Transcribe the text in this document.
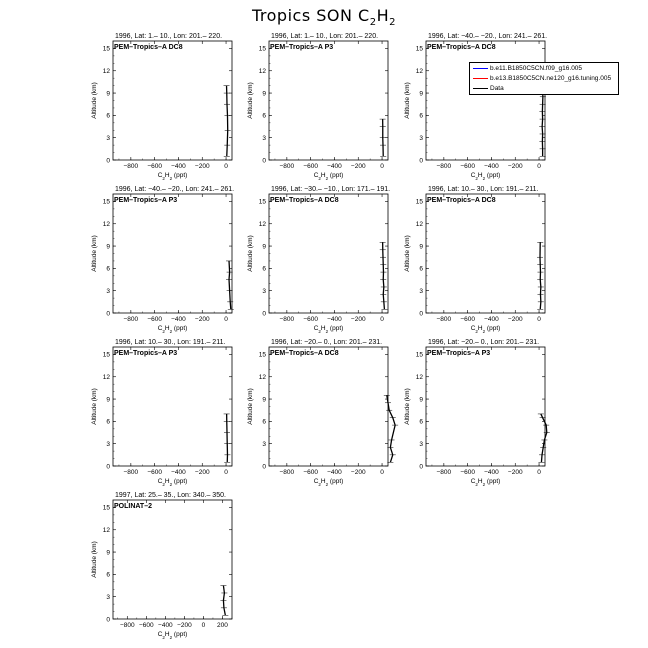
Tropics SON $C_2H_2$
1996, Lat: 1.– 10., Lon: 201.– 220.
PEM–Tropics–A DC8
−800 −600 −400 −200 0
0
3
6
9
12
15
$C_2H_2$ (ppt)
Altitude (km)
1996, Lat: 1.– 10., Lon: 201.– 220.
PEM–Tropics–A P3
−800 −600 −400 −200 0
0
3
6
9
12
15
$C_2H_2$ (ppt)
Altitude (km)
1996, Lat: −40.– −20., Lon: 241.– 261.
PEM–Tropics–A DC8
−800 −600 −400 −200 0
0
3
6
9
12
15
$C_2H_2$ (ppt)
Altitude (km)
1996, Lat: −40.– −20., Lon: 241.– 261.
PEM–Tropics–A P3
−800 −600 −400 −200 0
0
3
6
9
12
15
$C_2H_2$ (ppt)
Altitude (km)
1996, Lat: −30.– −10., Lon: 171.– 191.
PEM–Tropics–A DC8
−800 −600 −400 −200 0
0
3
6
9
12
15
$C_2H_2$ (ppt)
Altitude (km)
1996, Lat: 10.– 30., Lon: 191.– 211.
PEM–Tropics–A DC8
−800 −600 −400 −200 0
0
3
6
9
12
15
$C_2H_2$ (ppt)
Altitude (km)
1996, Lat: 10.– 30., Lon: 191.– 211.
PEM–Tropics–A P3
−800 −600 −400 −200 0
0
3
6
9
12
15
$C_2H_2$ (ppt)
Altitude (km)
1996, Lat: −20.– 0., Lon: 201.– 231.
PEM–Tropics–A DC8
−800 −600 −400 −200 0
0
3
6
9
12
15
$C_2H_2$ (ppt)
Altitude (km)
1996, Lat: −20.– 0., Lon: 201.– 231.
PEM–Tropics–A P3
−800 −600 −400 −200 0
0
3
6
9
12
15
$C_2H_2$ (ppt)
Altitude (km)
1997, Lat: 25.– 35., Lon: 340.– 350.
POLINAT–2
−800 −600 −400 −200 0 200
0
3
6
9
12
15
$C_2H_2$ (ppt)
Altitude (km)
b.e11.B1850C5CN.f09_g16.005
b.e13.B1850C5CN.ne120_g16.tuning.005
Data
